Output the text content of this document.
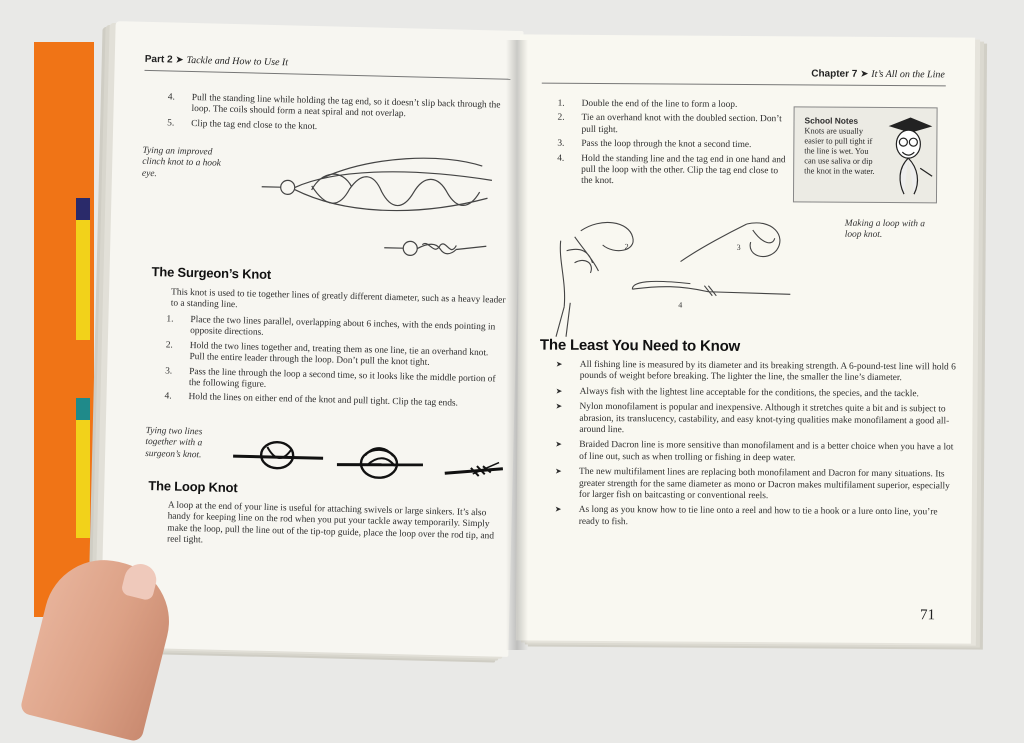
Part 2 ➤ Tackle and How to Use It
4. Pull the standing line while holding the tag end, so it doesn’t slip back through the loop. The coils should form a neat spiral and not overlap.
5. Clip the tag end close to the knot.
Tying an improved clinch knot to a hook eye.
The Surgeon’s Knot
This knot is used to tie together lines of greatly different diameter, such as a heavy leader to a standing line.
1. Place the two lines parallel, overlapping about 6 inches, with the ends pointing in opposite directions.
2. Hold the two lines together and, treating them as one line, tie an overhand knot. Pull the entire leader through the loop. Don’t pull the knot tight.
3. Pass the line through the loop a second time, so it looks like the middle portion of the following figure.
4. Hold the lines on either end of the knot and pull tight. Clip the tag ends.
Tying two lines together with a surgeon’s knot.
The Loop Knot
A loop at the end of your line is useful for attaching swivels or large sinkers. It’s also handy for keeping line on the rod when you put your tackle away temporarily. Simply make the loop, pull the line out of the tip-top guide, place the loop over the rod tip, and reel tight.
Chapter 7 ➤ It’s All on the Line
1. Double the end of the line to form a loop.
2. Tie an overhand knot with the doubled section. Don’t pull tight.
3. Pass the loop through the knot a second time.
4. Hold the standing line and the tag end in one hand and pull the loop with the other. Clip the tag end close to the knot.
School Notes
Knots are usually easier to pull tight if the line is wet. You can use saliva or dip the knot in the water.
Making a loop with a loop knot.
2	3
4
The Least You Need to Know
➤ All fishing line is measured by its diameter and its breaking strength. A 6-pound-test line will hold 6 pounds of weight before breaking. The lighter the line, the smaller the line’s diameter.
➤ Always fish with the lightest line acceptable for the conditions, the species, and the tackle.
➤ Nylon monofilament is popular and inexpensive. Although it stretches quite a bit and is subject to abrasion, its translucency, castability, and easy knot-tying qualities make monofilament a good all-around line.
➤ Braided Dacron line is more sensitive than monofilament and is a better choice when you have a lot of line out, such as when trolling or fishing in deep water.
➤ The new multifilament lines are replacing both monofilament and Dacron for many situations. Its greater strength for the same diameter as mono or Dacron makes multifilament superior, especially for larger fish on baitcasting or conventional reels.
➤ As long as you know how to tie line onto a reel and how to tie a hook or a lure onto line, you’re ready to fish.
71
